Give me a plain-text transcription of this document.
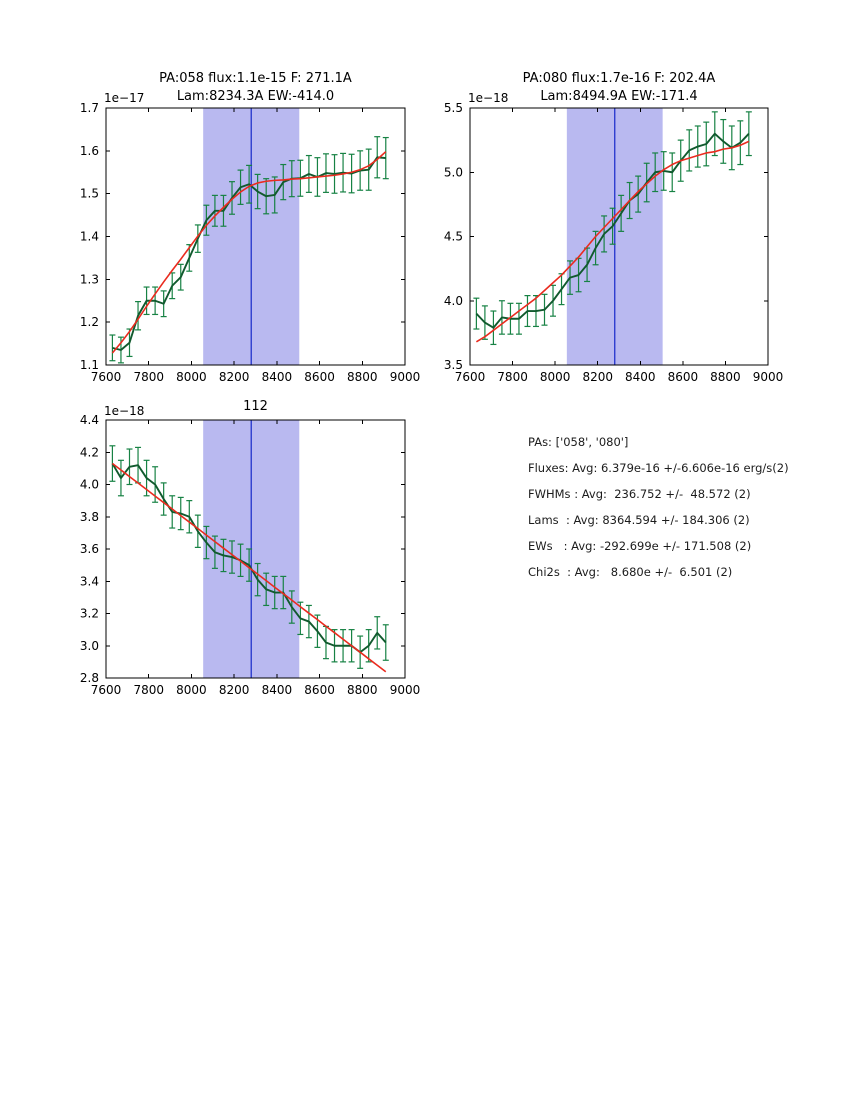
7600 7800 8000 8200 8400 8600 8800 9000
1.1
1.2
1.3
1.4
1.5
1.6
1.7
PA:058 flux:1.1e-15 F: 271.1A
Lam:8234.3A EW:-414.0
1e−17
7600 7800 8000 8200 8400 8600 8800 9000
3.5
4.0
4.5
5.0
5.5
PA:080 flux:1.7e-16 F: 202.4A
Lam:8494.9A EW:-171.4
1e−18
7600 7800 8000 8200 8400 8600 8800 9000
2.8
3.0
3.2
3.4
3.6
3.8
4.0
4.2
4.4
112
1e−18
PAs: ['058', '080']
Fluxes: Avg: 6.379e-16 +/-6.606e-16 erg/s(2)
FWHMs : Avg:  236.752 +/-  48.572 (2)
Lams  : Avg: 8364.594 +/- 184.306 (2)
EWs   : Avg: -292.699e +/- 171.508 (2)
Chi2s  : Avg:   8.680e +/-  6.501 (2)
